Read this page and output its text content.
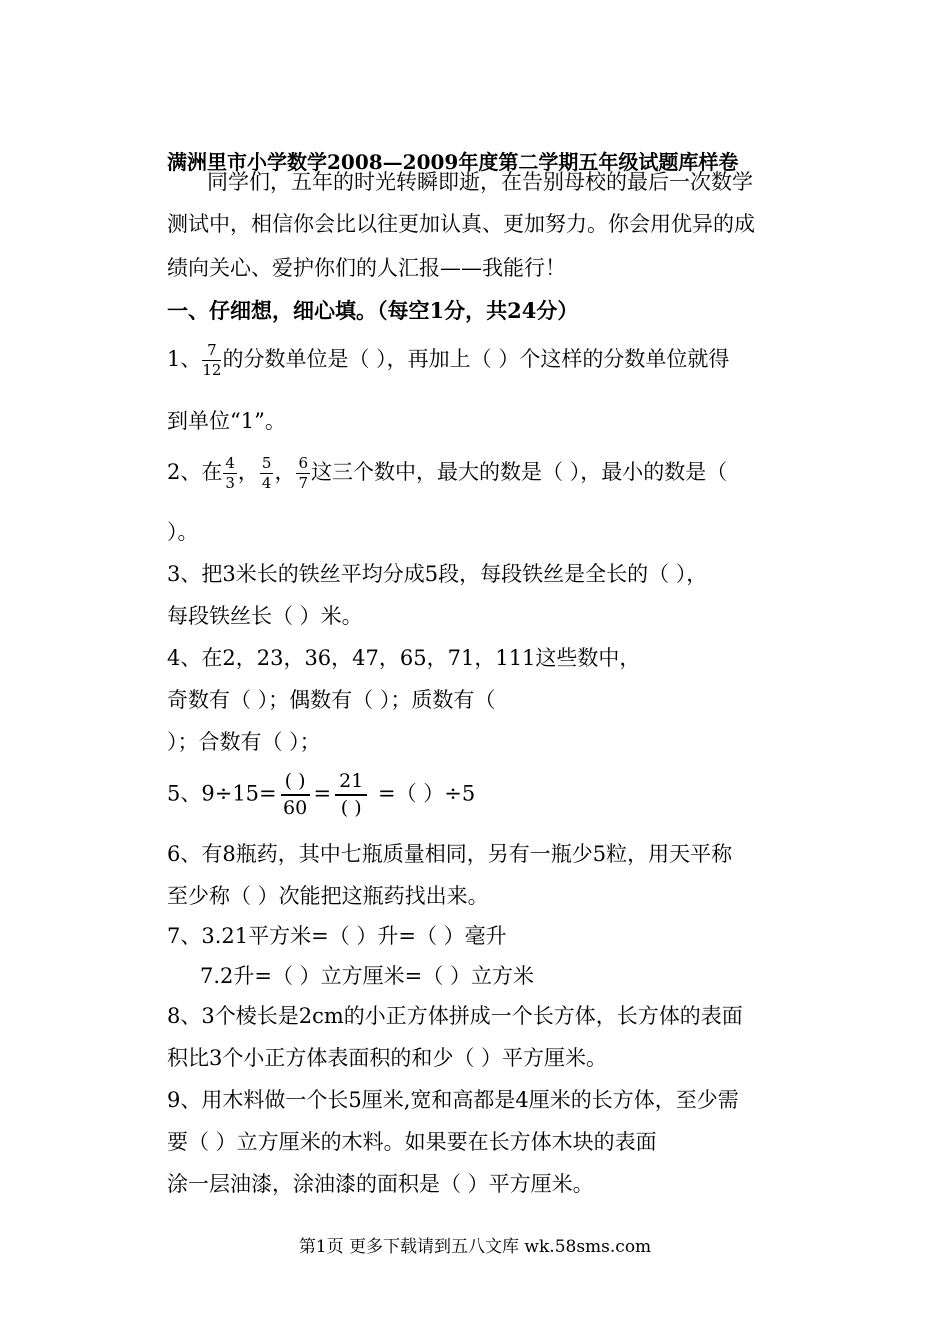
满洲里市小学数学2008—2009年度第二学期五年级试题库样卷
同学们，五年的时光转瞬即逝，在告别母校的最后一次数学
测试中，相信你会比以往更加认真、更加努力。你会用优异的成
绩向关心、爱护你们的人汇报——我能行！
一、仔细想，细心填。（每空1分，共24分）
1、 $\frac{7}{12}$ 的分数单位是（ ），再加上（ ）个这样的分数单位就得
到单位“1”。
2、在 $\frac{4}{3}$ ， $\frac{5}{4}$ ， $\frac{6}{7}$ 这三个数中，最大的数是（ ），最小的数是（
）。
3、把3米长的铁丝平均分成5段，每段铁丝是全长的（ ），
每段铁丝长（ ）米。
4、在2，23，36，47，65，71，111这些数中，
奇数有（ ）；偶数有（ ）；质数有（
）；合数有（ ）；
5、$9\div 15= \frac{( )}{60} = \frac{21}{( )}$ =（ ）÷5
6、有8瓶药，其中七瓶质量相同，另有一瓶少5粒，用天平称
至少称（ ）次能把这瓶药找出来。
7、3.21平方米=（ ）升=（ ）毫升
7.2升=（ ）立方厘米=（ ）立方米
8、3个棱长是2cm的小正方体拼成一个长方体，长方体的表面
积比3个小正方体表面积的和少（ ）平方厘米。
9、用木料做一个长5厘米,宽和高都是4厘米的长方体，至少需
要（ ）立方厘米的木料。如果要在长方体木块的表面
涂一层油漆，涂油漆的面积是（ ）平方厘米。
第1页 更多下载请到五八文库 wk.58sms.com
